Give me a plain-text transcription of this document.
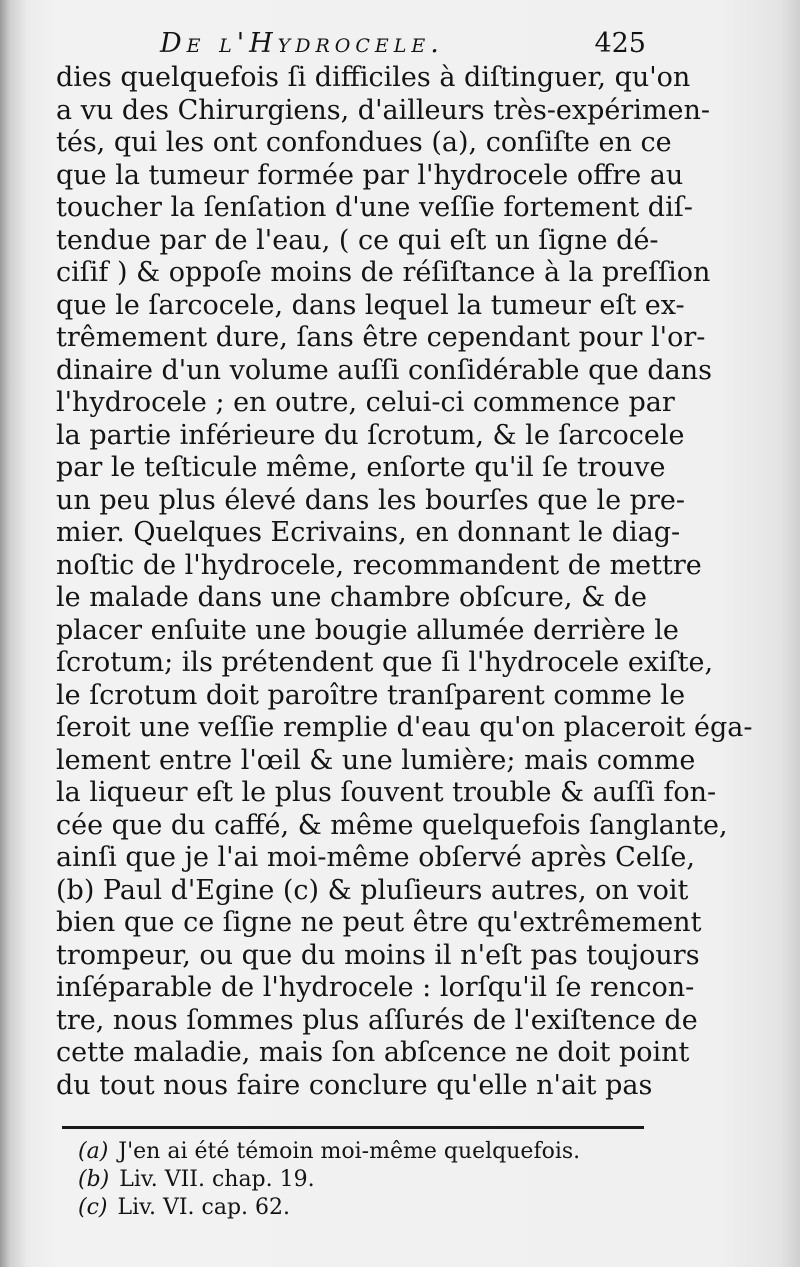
De l'Hydrocele.	425
dies quelquefois ſi difficiles à diſtinguer, qu'on
a vu des Chirurgiens, d'ailleurs très-expérimen-
tés, qui les ont confondues (a), conſiſte en ce
que la tumeur formée par l'hydrocele offre au
toucher la ſenſation d'une veſſie fortement diſ-
tendue par de l'eau, ( ce qui eſt un ſigne dé-
ciſif ) & oppoſe moins de réſiſtance à la preſſion
que le ſarcocele, dans lequel la tumeur eſt ex-
trêmement dure, ſans être cependant pour l'or-
dinaire d'un volume auſſi conſidérable que dans
l'hydrocele ; en outre, celui-ci commence par
la partie inférieure du ſcrotum, & le ſarcocele
par le teſticule même, enſorte qu'il ſe trouve
un peu plus élevé dans les bourſes que le pre-
mier. Quelques Ecrivains, en donnant le diag-
noſtic de l'hydrocele, recommandent de mettre
le malade dans une chambre obſcure, & de
placer enſuite une bougie allumée derrière le
ſcrotum; ils prétendent que ſi l'hydrocele exiſte,
le ſcrotum doit paroître tranſparent comme le
ſeroit une veſſie remplie d'eau qu'on placeroit éga-
lement entre l'œil & une lumière; mais comme
la liqueur eſt le plus ſouvent trouble & auſſi fon-
cée que du caffé, & même quelquefois ſanglante,
ainſi que je l'ai moi-même obſervé après Celſe,
(b) Paul d'Egine (c) & pluſieurs autres, on voit
bien que ce ſigne ne peut être qu'extrêmement
trompeur, ou que du moins il n'eſt pas toujours
inſéparable de l'hydrocele : lorſqu'il ſe rencon-
tre, nous ſommes plus aſſurés de l'exiſtence de
cette maladie, mais ſon abſcence ne doit point
du tout nous faire conclure qu'elle n'ait pas
(a) J'en ai été témoin moi-même quelquefois.
(b) Liv. VII. chap. 19.
(c) Liv. VI. cap. 62.
